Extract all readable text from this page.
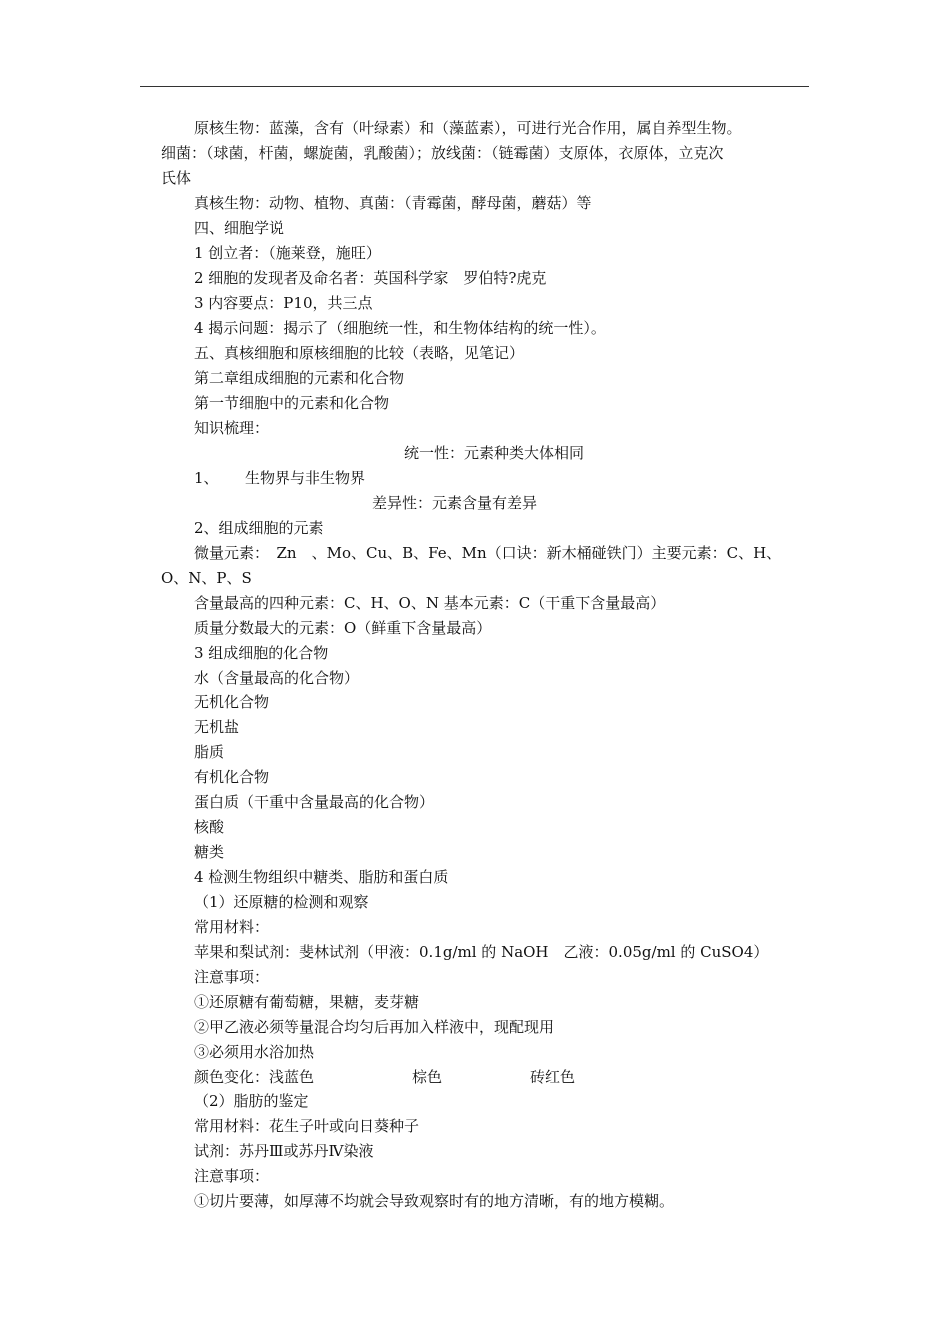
原核生物：蓝藻，含有（叶绿素）和（藻蓝素），可进行光合作用，属自养型生物。
细菌：（球菌，杆菌，螺旋菌，乳酸菌）；放线菌：（链霉菌）支原体，衣原体，立克次
氏体
真核生物：动物、植物、真菌：（青霉菌，酵母菌，蘑菇）等
四、细胞学说
1 创立者：（施莱登，施旺）
2 细胞的发现者及命名者：英国科学家　罗伯特?虎克
3 内容要点：P10，共三点
4 揭示问题：揭示了（细胞统一性，和生物体结构的统一性）。
五、真核细胞和原核细胞的比较（表略，见笔记）
第二章组成细胞的元素和化合物
第一节细胞中的元素和化合物
知识梳理：
统一性：元素种类大体相同
1、 生物界与非生物界
差异性：元素含量有差异
2、组成细胞的元素
微量元素：　Zn　、Mo、Cu、B、Fe、Mn（口诀：新木桶碰铁门）主要元素：C、H、
O、N、P、S
含量最高的四种元素：C、H、O、N 基本元素：C（干重下含量最高）
质量分数最大的元素：O（鲜重下含量最高）
3 组成细胞的化合物
水（含量最高的化合物）
无机化合物
无机盐
脂质
有机化合物
蛋白质（干重中含量最高的化合物）
核酸
糖类
4 检测生物组织中糖类、脂肪和蛋白质
（1）还原糖的检测和观察
常用材料：
苹果和梨试剂：斐林试剂（甲液：0.1g/ml 的 NaOH　乙液：0.05g/ml 的 CuSO4）
注意事项：
①还原糖有葡萄糖，果糖，麦芽糖
②甲乙液必须等量混合均匀后再加入样液中，现配现用
③必须用水浴加热
颜色变化：浅蓝色	棕色	砖红色
（2）脂肪的鉴定
常用材料：花生子叶或向日葵种子
试剂：苏丹Ⅲ或苏丹Ⅳ染液
注意事项：
①切片要薄，如厚薄不均就会导致观察时有的地方清晰，有的地方模糊。
